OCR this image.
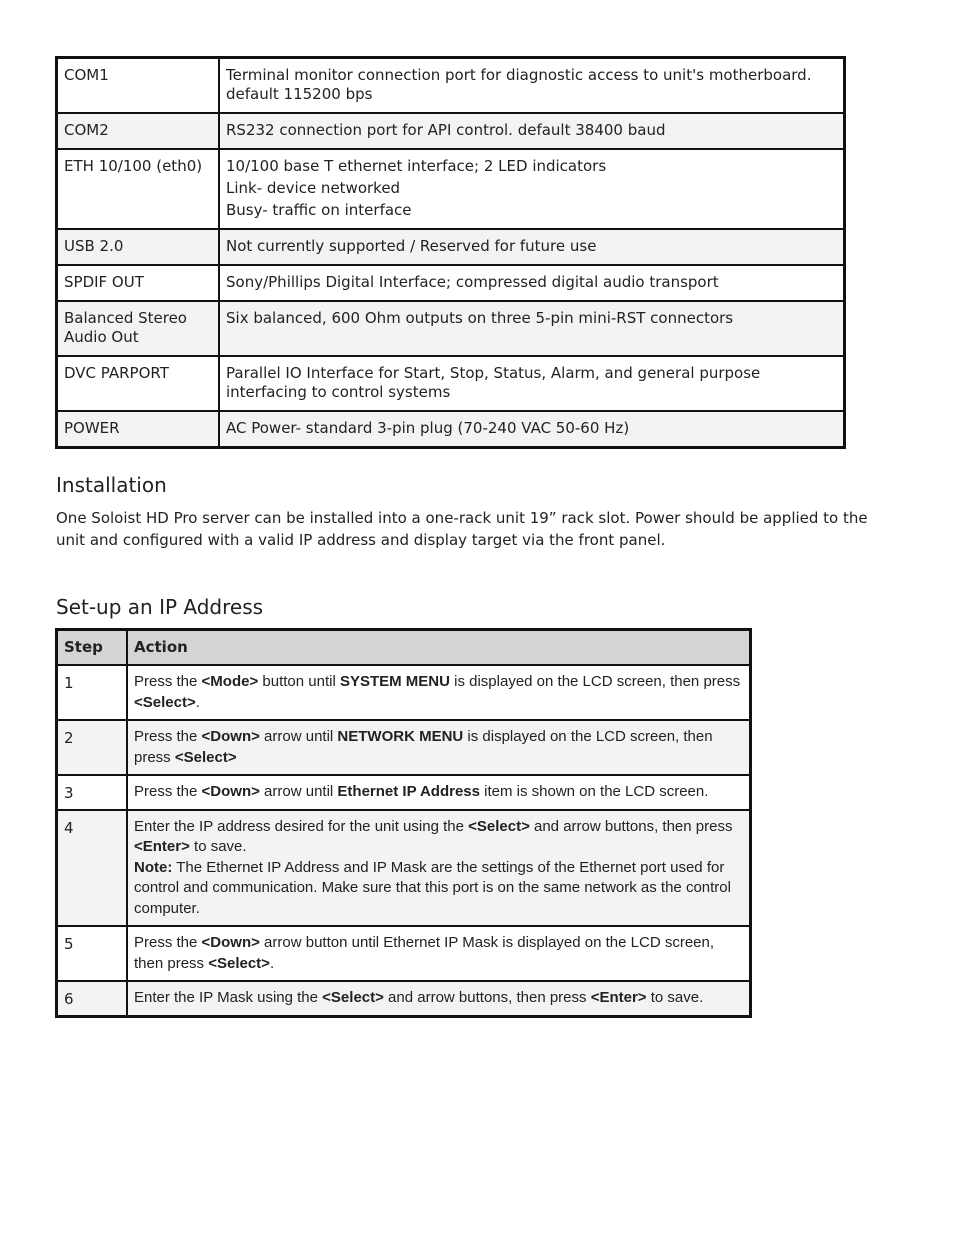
COM1	Terminal monitor connection port for diagnostic access to unit's motherboard. default 115200 bps

COM2	RS232 connection port for API control. default 38400 baud

ETH 10/100 (eth0)	10/100 base T ethernet interface; 2 LED indicators
Link- device networked
Busy- traffic on interface

USB 2.0	Not currently supported / Reserved for future use

SPDIF OUT	Sony/Phillips Digital Interface; compressed digital audio transport

Balanced Stereo Audio Out	Six balanced, 600 Ohm outputs on three 5-pin mini-RST connectors

DVC PARPORT	Parallel IO Interface for Start, Stop, Status, Alarm, and general purpose interfacing to control systems

POWER	AC Power- standard 3-pin plug (70-240 VAC 50-60 Hz)
Installation

One Soloist HD Pro server can be installed into a one-rack unit 19” rack slot. Power should be applied to the unit and configured with a valid IP address and display target via the front panel.

Set-up an IP Address
Step	Action
1	Press the <Mode> button until SYSTEM MENU is displayed on the LCD screen, then press <Select>.

2	Press the <Down> arrow until NETWORK MENU is displayed on the LCD screen, then press <Select>

3	Press the <Down> arrow until Ethernet IP Address item is shown on the LCD screen.

4	Enter the IP address desired for the unit using the <Select> and arrow buttons, then press <Enter> to save.
Note: The Ethernet IP Address and IP Mask are the settings of the Ethernet port used for control and communication. Make sure that this port is on the same network as the control computer.

5	Press the <Down> arrow button until Ethernet IP Mask is displayed on the LCD screen, then press <Select>.

6	Enter the IP Mask using the <Select> and arrow buttons, then press <Enter> to save.
